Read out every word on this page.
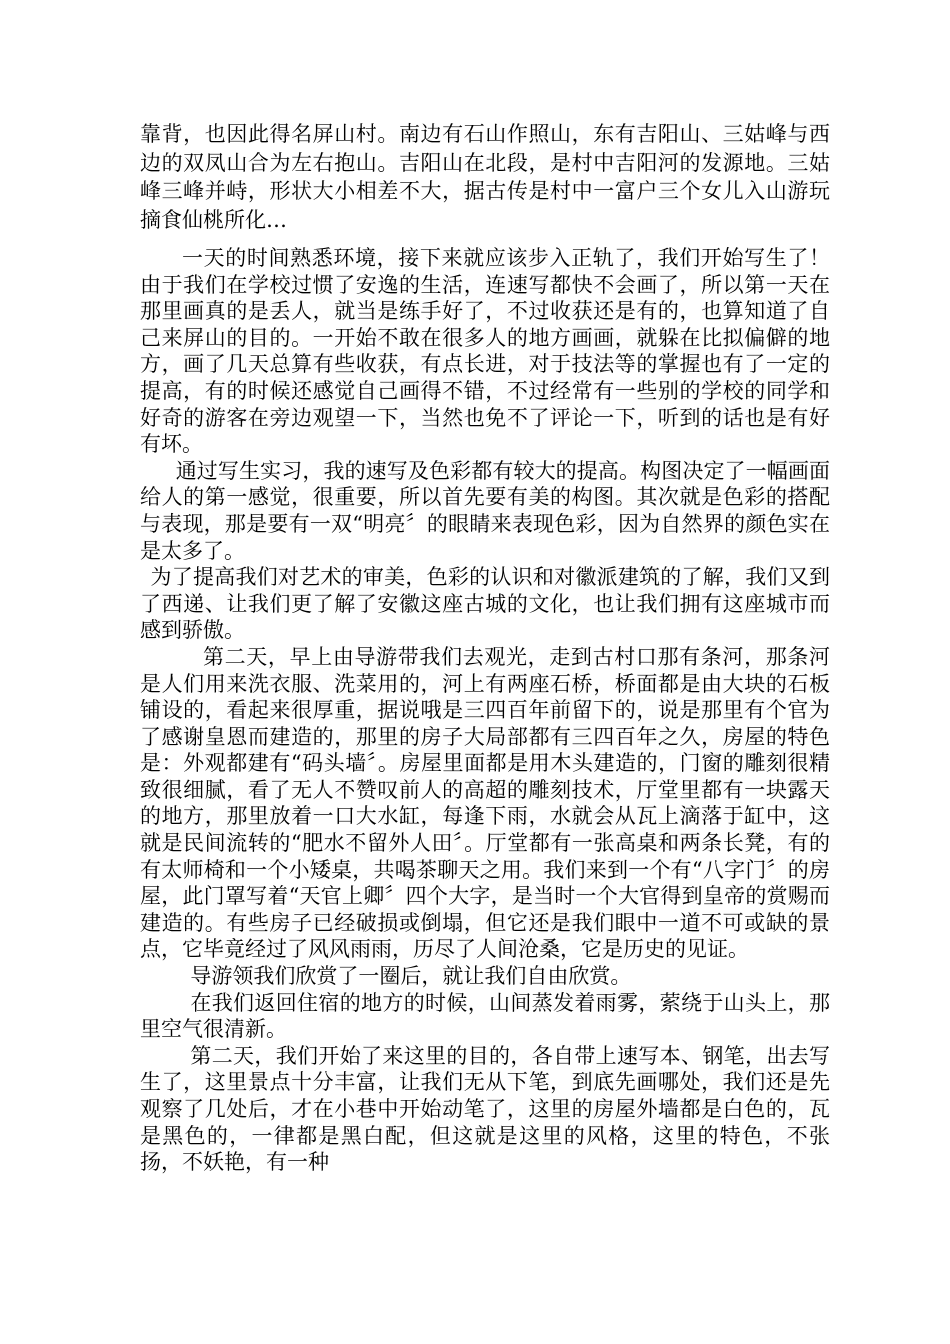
靠背，也因此得名屏山村。南边有石山作照山，东有吉阳山、三姑峰与西边的双凤山合为左右抱山。吉阳山在北段，是村中吉阳河的发源地。三姑峰三峰并峙，形状大小相差不大，据古传是村中一富户三个女儿入山游玩摘食仙桃所化…

一天的时间熟悉环境，接下来就应该步入正轨了，我们开始写生了！由于我们在学校过惯了安逸的生活，连速写都快不会画了，所以第一天在那里画真的是丢人，就当是练手好了，不过收获还是有的，也算知道了自己来屏山的目的。一开始不敢在很多人的地方画画，就躲在比拟偏僻的地方，画了几天总算有些收获，有点长进，对于技法等的掌握也有了一定的提高，有的时候还感觉自己画得不错，不过经常有一些别的学校的同学和好奇的游客在旁边观望一下，当然也免不了评论一下，听到的话也是有好有坏。

通过写生实习，我的速写及色彩都有较大的提高。构图决定了一幅画面给人的第一感觉，很重要，所以首先要有美的构图。其次就是色彩的搭配与表现，那是要有一双“明亮〞的眼睛来表现色彩，因为自然界的颜色实在是太多了。

为了提高我们对艺术的审美，色彩的认识和对徽派建筑的了解，我们又到了西递、让我们更了解了安徽这座古城的文化，也让我们拥有这座城市而感到骄傲。

第二天，早上由导游带我们去观光，走到古村口那有条河，那条河是人们用来洗衣服、洗菜用的，河上有两座石桥，桥面都是由大块的石板铺设的，看起来很厚重，据说哦是三四百年前留下的，说是那里有个官为了感谢皇恩而建造的，那里的房子大局部都有三四百年之久，房屋的特色是：外观都建有“码头墙〞。房屋里面都是用木头建造的，门窗的雕刻很精致很细腻，看了无人不赞叹前人的高超的雕刻技术，厅堂里都有一块露天的地方，那里放着一口大水缸，每逢下雨，水就会从瓦上滴落于缸中，这就是民间流转的“肥水不留外人田〞。厅堂都有一张高桌和两条长凳，有的有太师椅和一个小矮桌，共喝茶聊天之用。我们来到一个有“八字门〞的房屋，此门罩写着“天官上卿〞四个大字，是当时一个大官得到皇帝的赏赐而建造的。有些房子已经破损或倒塌，但它还是我们眼中一道不可或缺的景点，它毕竟经过了风风雨雨，历尽了人间沧桑，它是历史的见证。

导游领我们欣赏了一圈后，就让我们自由欣赏。

在我们返回住宿的地方的时候，山间蒸发着雨雾，萦绕于山头上，那里空气很清新。

第二天，我们开始了来这里的目的，各自带上速写本、钢笔，出去写生了，这里景点十分丰富，让我们无从下笔，到底先画哪处，我们还是先观察了几处后，才在小巷中开始动笔了，这里的房屋外墙都是白色的，瓦是黑色的，一律都是黑白配，但这就是这里的风格，这里的特色，不张扬，不妖艳，有一种
